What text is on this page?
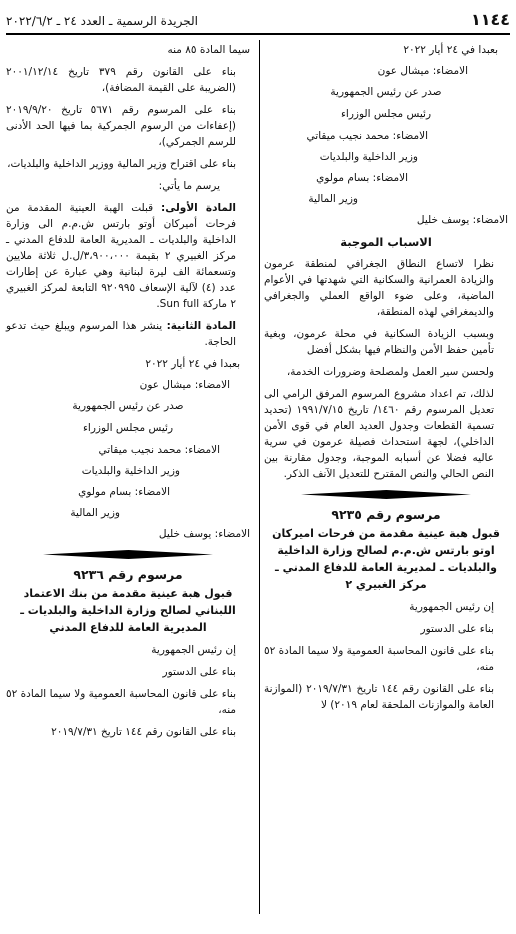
١١٤٤
الجريدة الرسمية ـ العدد ٢٤ ـ ٢٠٢٢/٦/٢

بعبدا في ٢٤ أيار ٢٠٢٢

الامضاء: ميشال عون

صدر عن رئيس الجمهورية

رئيس مجلس الوزراء

الامضاء: محمد نجيب ميقاتي

وزير الداخلية والبلديات

الامضاء: بسام مولوي

وزير المالية

الامضاء: يوسف خليل

الاسباب الموجبة

نظرا لاتساع النطاق الجغرافي لمنطقة عرمون والزيادة العمرانية والسكانية التي شهدتها في الأعوام الماضية، وعلى ضوء الواقع العملي والجغرافي والديمغرافي لهذه المنطقة،

وبسبب الزيادة السكانية في محلة عرمون، وبغية تأمين حفظ الأمن والنظام فيها بشكل أفضل

ولحسن سير العمل ولمصلحة وضرورات الخدمة،

لذلك، تم اعداد مشروع المرسوم المرفق الرامي الى تعديل المرسوم رقم ١٤٦٠/ تاريخ ١٩٩١/٧/١٥ (تحديد تسمية القطعات وجدول العديد العام في قوى الأمن الداخلي)، لجهة استحداث فصيلة عرمون في سرية عاليه فضلا عن أسبابه الموجبة، وجدول مقارنة بين النص الحالي والنص المقترح للتعديل الآنف الذكر.

مرسوم رقم ٩٢٣٥

قبول هبة عينية مقدمة من فرحات اميركان اوتو بارتس ش.م.م لصالح وزارة الداخلية والبلديات ـ لمديرية العامة للدفاع المدني ـ مركز الغبيري ٢

إن رئيس الجمهورية

بناء على الدستور

بناء على قانون المحاسبة العمومية ولا سيما المادة ٥٢ منه،

بناء على القانون رقم ١٤٤ تاريخ ٢٠١٩/٧/٣١ (الموازنة العامة والموازنات الملحقة لعام ٢٠١٩) لا

سيما المادة ٨٥ منه

بناء على القانون رقم ٣٧٩ تاريخ ٢٠٠١/١٢/١٤ (الضريبة على القيمة المضافة)،

بناء على المرسوم رقم ٥٦٧١ تاريخ ٢٠١٩/٩/٢٠ (إعفاءات من الرسوم الجمركية بما فيها الحد الأدنى للرسم الجمركي)،

بناء على اقتراح وزير المالية ووزير الداخلية والبلديات،

يرسم ما يأتي:

المادة الأولى: قبلت الهبة العينية المقدمة من فرحات أميركان أوتو بارتس ش.م.م الى وزارة الداخلية والبلديات ـ المديرية العامة للدفاع المدني ـ مركز الغبيري ٢ بقيمة ٣،٩٠٠،٠٠٠/ل.ل ثلاثة ملايين وتسعمائة الف ليرة لبنانية وهي عبارة عن إطارات عدد (٤) لآلية الإسعاف ٩٢٠٩٩٥ التابعة لمركز الغبيري ٢ ماركة Sun full.

المادة الثانية: ينشر هذا المرسوم ويبلغ حيث تدعو الحاجة.

بعبدا في ٢٤ أيار ٢٠٢٢

الامضاء: ميشال عون

صدر عن رئيس الجمهورية

رئيس مجلس الوزراء

الامضاء: محمد نجيب ميقاتي

وزير الداخلية والبلديات

الامضاء: بسام مولوي

وزير المالية

الامضاء: يوسف خليل

مرسوم رقم ٩٢٣٦

قبول هبة عينية مقدمة من بنك الاعتماد اللبناني لصالح وزارة الداخلية والبلديات ـ المديرية العامة للدفاع المدني

إن رئيس الجمهورية

بناء على الدستور

بناء على قانون المحاسبة العمومية ولا سيما المادة ٥٢ منه،

بناء على القانون رقم ١٤٤ تاريخ ٢٠١٩/٧/٣١
